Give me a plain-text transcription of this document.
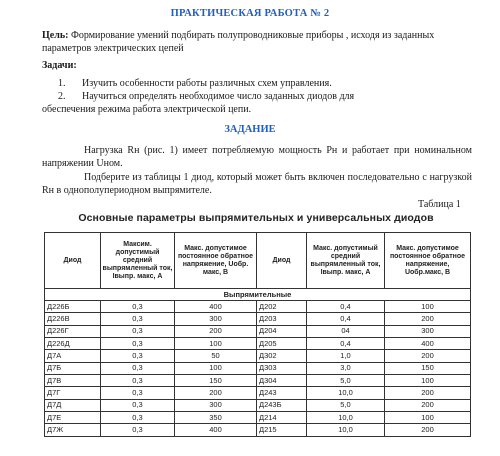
ПРАКТИЧЕСКАЯ РАБОТА № 2
Цель: Формирование умений подбирать полупроводниковые приборы , исходя из заданных параметров электрических цепей
Задачи:
1. Изучить особенности работы различных схем управления.
2. Научиться определять необходимое число заданных диодов для
обеспечения режима работа электрической цепи.
ЗАДАНИЕ
Нагрузка Rн (рис. 1) имеет потребляемую мощность Рн и работает при номинальном напряжении Uном.
Подберите из таблицы 1 диод, который может быть включен последовательно с нагрузкой Rн в однополупериодном выпрямителе.
Таблица 1
Основные параметры выпрямительных и универсальных диодов
Диод	Максим. допустимый средний выпрямленный ток, Iвыпр. макс, А	Макс. допустимое постоянное обратное напряжение, Uобр. макс, В	Диод	Макс. допустимый средний выпрямленный ток, Iвыпр. макс, А	Макс. допустимое постоянное обратное напряжение, Uобр.макс, В
Выпрямительные					
Д226Б	0,3	400	Д202	0,4	100
Д226В	0,3	300	Д203	0,4	200
Д226Г	0,3	200	Д204	04	300
Д226Д	0,3	100	Д205	0,4	400
Д7А	0,3	50	Д302	1,0	200
Д7Б	0,3	100	Д303	3,0	150
Д7В	0,3	150	Д304	5,0	100
Д7Г	0,3	200	Д243	10,0	200
Д7Д	0,3	300	Д243Б	5,0	200
Д7Е	0,3	350	Д214	10,0	100
Д7Ж	0,3	400	Д215	10,0	200
